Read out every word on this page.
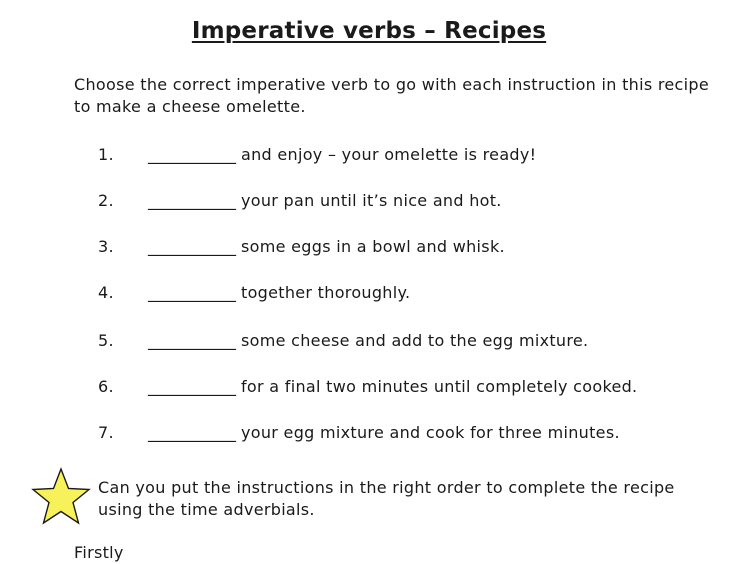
Imperative verbs – Recipes
Choose the correct imperative verb to go with each instruction in this recipe to make a cheese omelette.
1. ___________ and enjoy – your omelette is ready!
2. ___________ your pan until it’s nice and hot.
3. ___________ some eggs in a bowl and whisk.
4. ___________ together thoroughly.
5. ___________ some cheese and add to the egg mixture.
6. ___________ for a final two minutes until completely cooked.
7. ___________ your egg mixture and cook for three minutes.
Can you put the instructions in the right order to complete the recipe using the time adverbials.
Firstly
